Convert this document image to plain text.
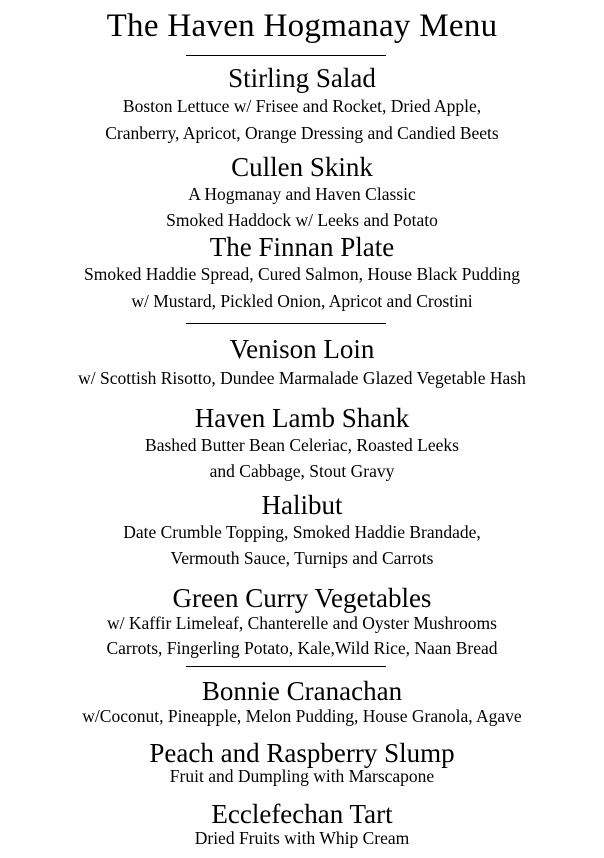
The Haven Hogmanay Menu
Stirling Salad
Boston Lettuce w/ Frisee and Rocket, Dried Apple,
Cranberry, Apricot, Orange Dressing and Candied Beets
Cullen Skink
A Hogmanay and Haven Classic
Smoked Haddock w/ Leeks and Potato
The Finnan Plate
Smoked Haddie Spread, Cured Salmon, House Black Pudding
w/ Mustard, Pickled Onion, Apricot and Crostini
Venison Loin
w/ Scottish Risotto, Dundee Marmalade Glazed Vegetable Hash
Haven Lamb Shank
Bashed Butter Bean Celeriac, Roasted Leeks
and Cabbage, Stout Gravy
Halibut
Date Crumble Topping, Smoked Haddie Brandade,
Vermouth Sauce, Turnips and Carrots
Green Curry Vegetables
w/ Kaffir Limeleaf, Chanterelle and Oyster Mushrooms
Carrots, Fingerling Potato, Kale,Wild Rice, Naan Bread
Bonnie Cranachan
w/Coconut, Pineapple, Melon Pudding, House Granola, Agave
Peach and Raspberry Slump
Fruit and Dumpling with Marscapone
Ecclefechan Tart
Dried Fruits with Whip Cream
